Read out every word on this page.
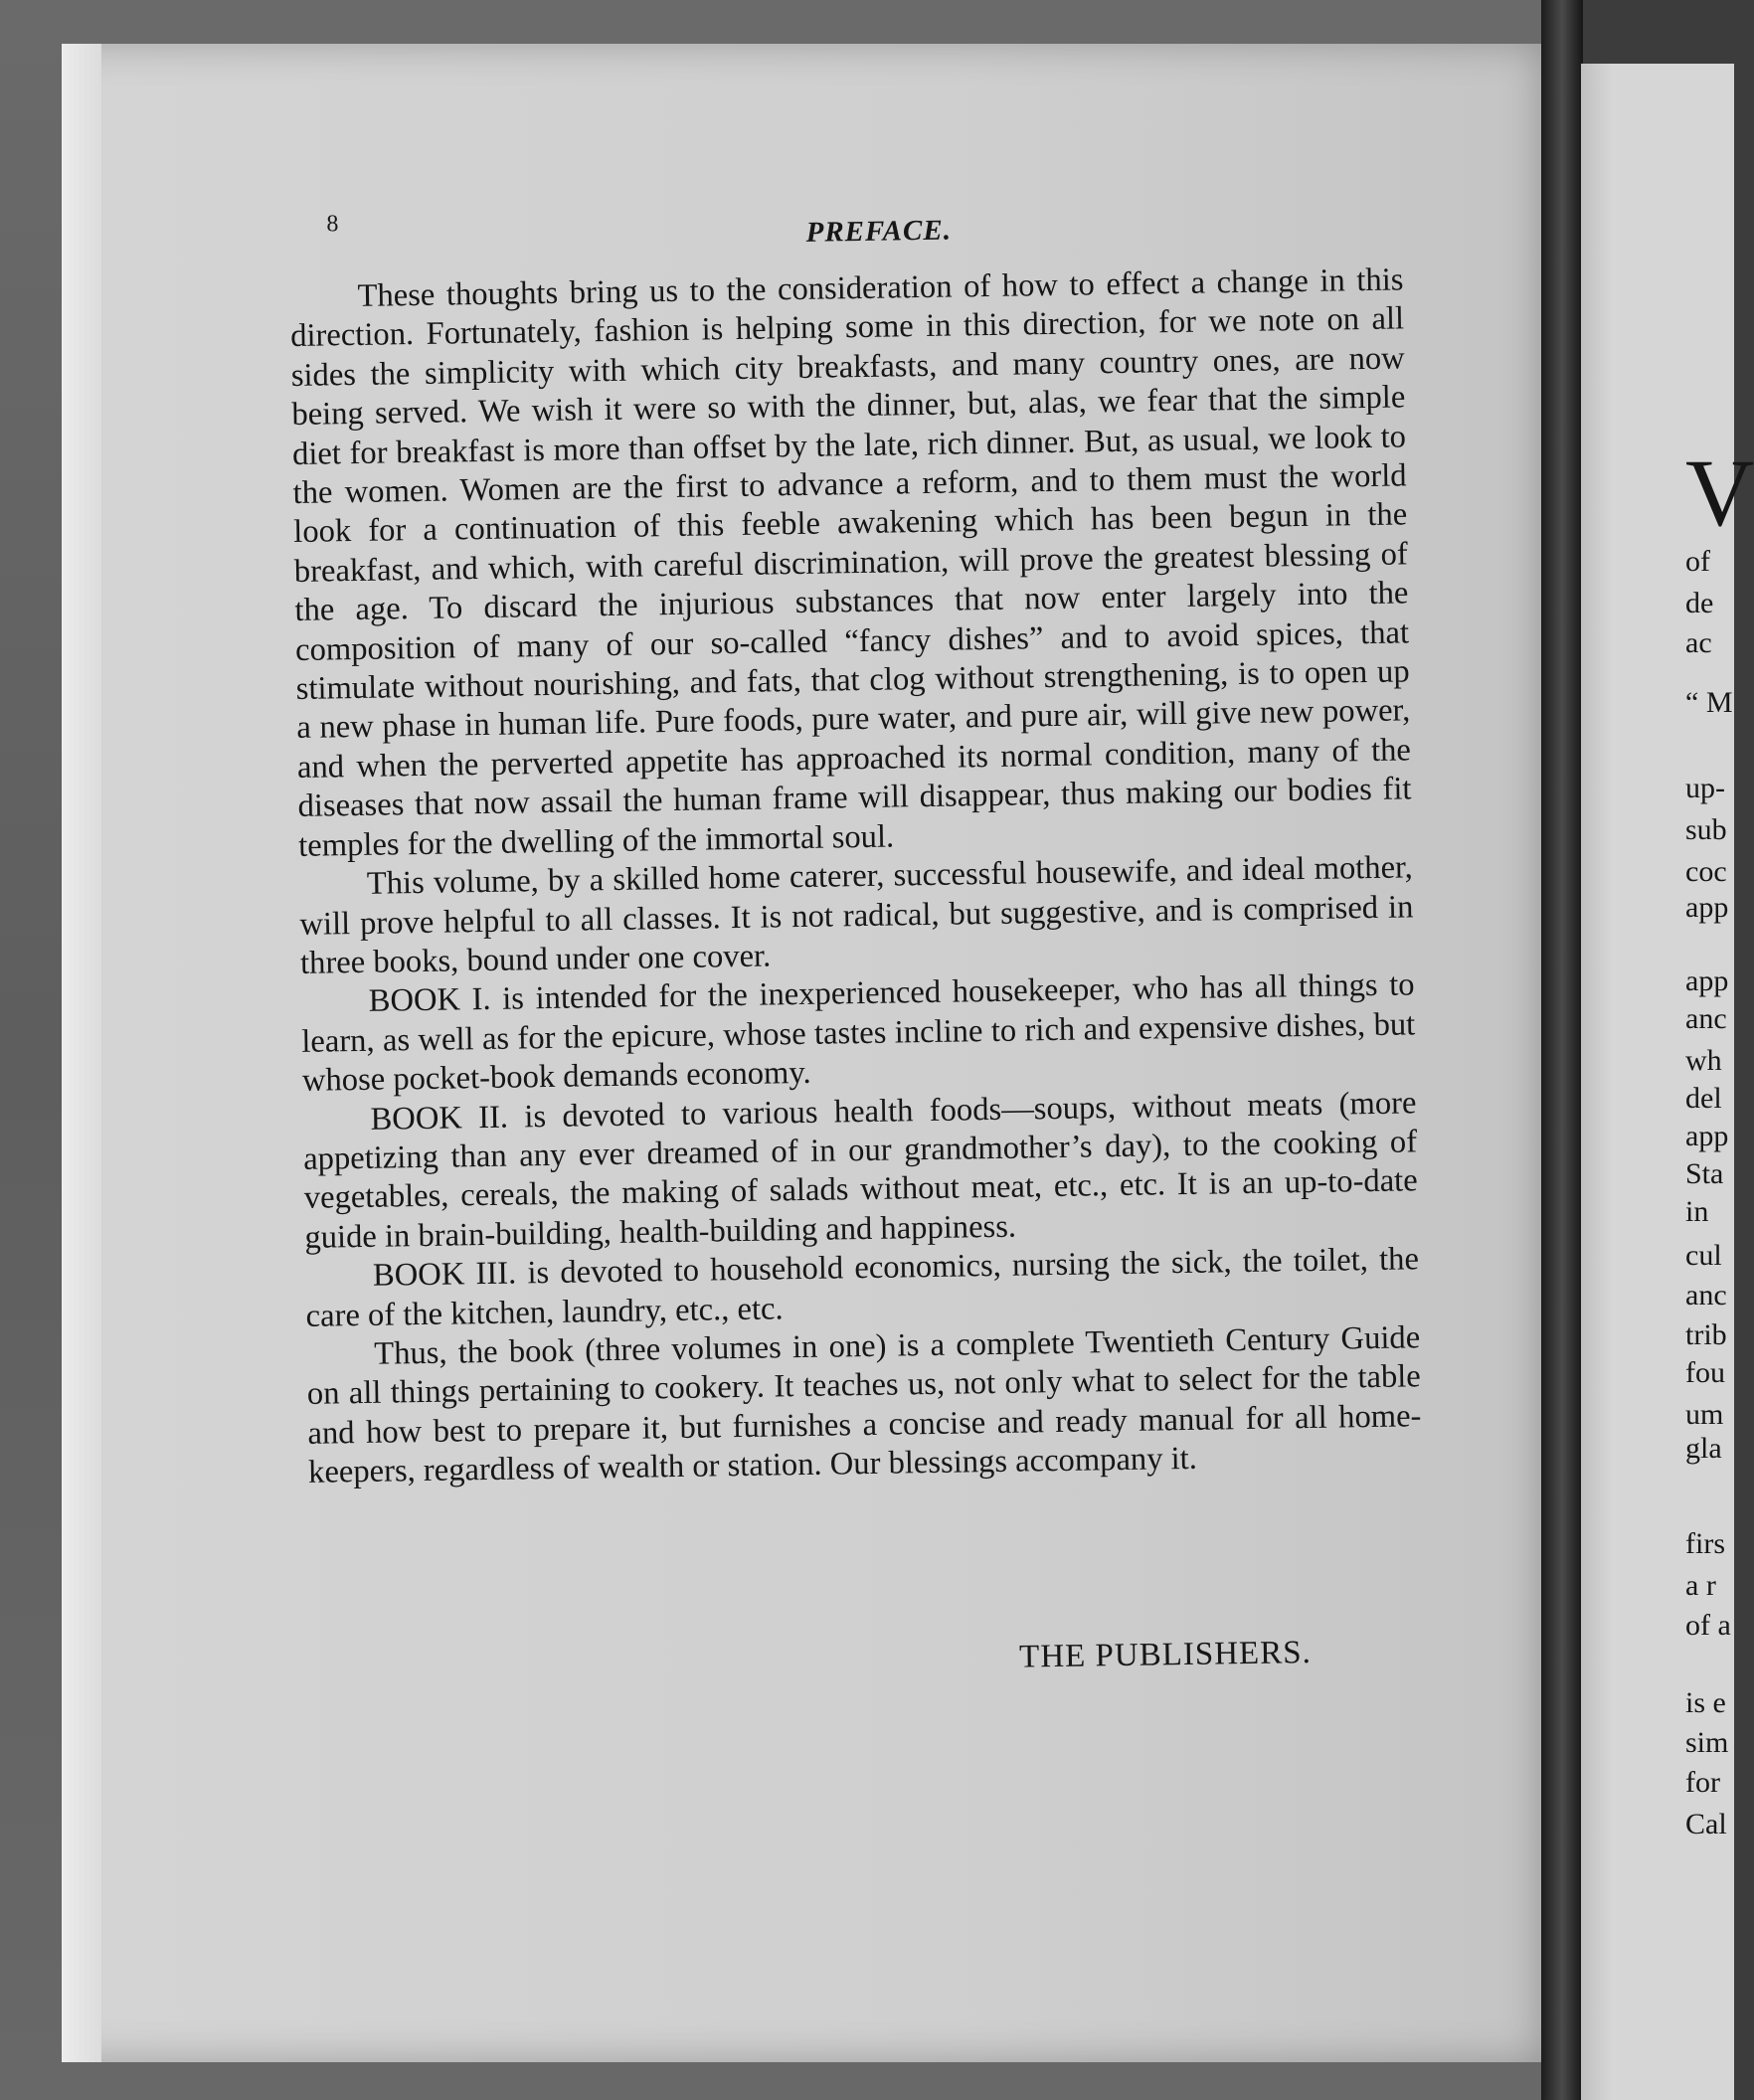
8	PREFACE.

These thoughts bring us to the consideration of how to effect a change in this direction. Fortunately, fashion is helping some in this direction, for we note on all sides the simplicity with which city breakfasts, and many country ones, are now being served. We wish it were so with the dinner, but, alas, we fear that the simple diet for breakfast is more than offset by the late, rich dinner. But, as usual, we look to the women. Women are the first to advance a reform, and to them must the world look for a continuation of this feeble awakening which has been begun in the breakfast, and which, with careful discrimination, will prove the greatest blessing of the age. To discard the injurious substances that now enter largely into the composition of many of our so-called “fancy dishes” and to avoid spices, that stimulate without nourishing, and fats, that clog without strengthening, is to open up a new phase in human life. Pure foods, pure water, and pure air, will give new power, and when the perverted appetite has approached its normal condition, many of the diseases that now assail the human frame will disappear, thus making our bodies fit temples for the dwelling of the immortal soul.

This volume, by a skilled home caterer, successful housewife, and ideal mother, will prove helpful to all classes. It is not radical, but suggestive, and is comprised in three books, bound under one cover.

BOOK I. is intended for the inexperienced housekeeper, who has all things to learn, as well as for the epicure, whose tastes incline to rich and expensive dishes, but whose pocket-book demands economy.

BOOK II. is devoted to various health foods—soups, without meats (more appetizing than any ever dreamed of in our grandmother’s day), to the cooking of vegetables, cereals, the making of salads without meat, etc., etc. It is an up-to-date guide in brain-building, health-building and happiness.

BOOK III. is devoted to household economics, nursing the sick, the toilet, the care of the kitchen, laundry, etc., etc.

Thus, the book (three volumes in one) is a complete Twentieth Century Guide on all things pertaining to cookery. It teaches us, not only what to select for the table and how best to prepare it, but furnishes a concise and ready manual for all home-keepers, regardless of wealth or station. Our blessings accompany it.

THE PUBLISHERS.
V
of
de
ac
“ M
up-
sub
coc
app
app
anc
wh
del
app
Sta
in
cul
anc
trib
fou
um
gla
firs
a r
of a
is e
sim
for
Cal
